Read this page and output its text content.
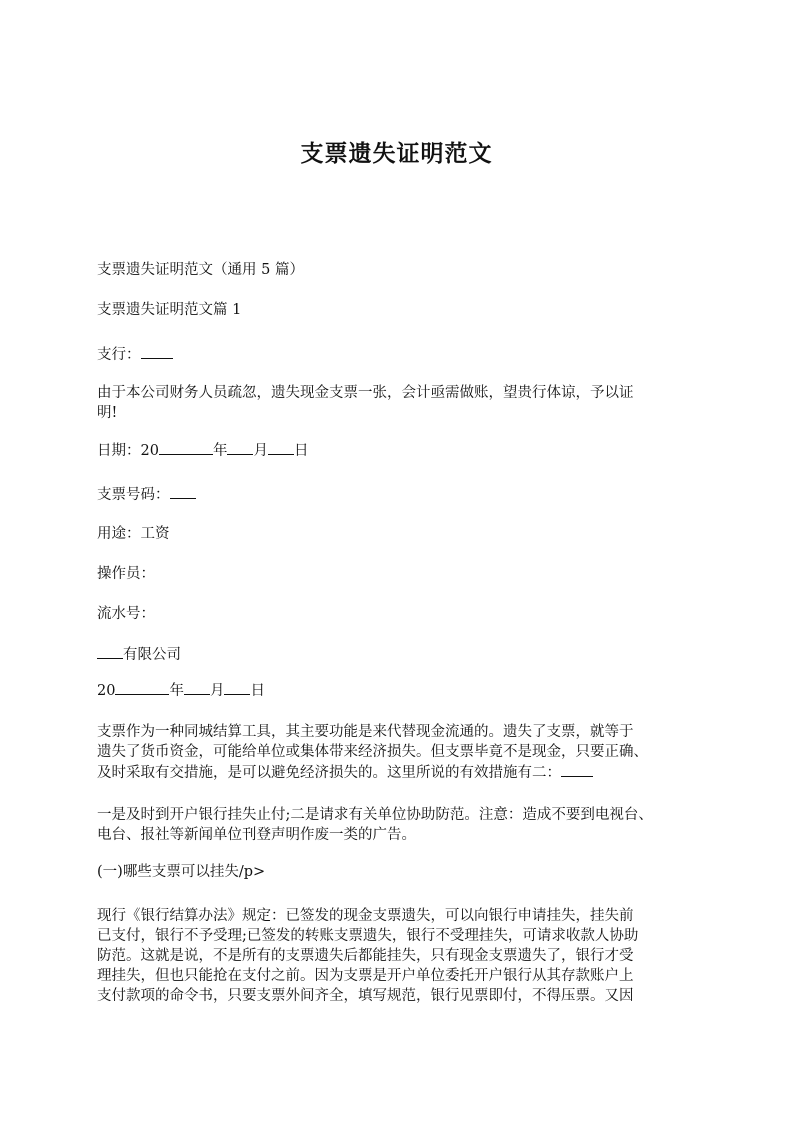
支票遗失证明范文
支票遗失证明范文（通用 5 篇）
支票遗失证明范文篇 1
支行：
由于本公司财务人员疏忽，遗失现金支票一张，会计亟需做账，望贵行体谅，予以证
明!
日期：20	年 月 日
支票号码：
用途：工资
操作员：
流水号：
有限公司
20	年 月 日
支票作为一种同城结算工具，其主要功能是来代替现金流通的。遗失了支票，就等于
遗失了货币资金，可能给单位或集体带来经济损失。但支票毕竟不是现金，只要正确、
及时采取有交措施，是可以避免经济损失的。这里所说的有效措施有二：
一是及时到开户银行挂失止付;二是请求有关单位协助防范。注意：造成不要到电视台、
电台、报社等新闻单位刊登声明作废一类的广告。
(一)哪些支票可以挂失/p>
现行《银行结算办法》规定：已签发的现金支票遗失，可以向银行申请挂失，挂失前
已支付，银行不予受理;已签发的转账支票遗失，银行不受理挂失，可请求收款人协助
防范。这就是说，不是所有的支票遗失后都能挂失，只有现金支票遗失了，银行才受
理挂失，但也只能抢在支付之前。因为支票是开户单位委托开户银行从其存款账户上
支付款项的命令书，只要支票外间齐全，填写规范，银行见票即付，不得压票。又因
